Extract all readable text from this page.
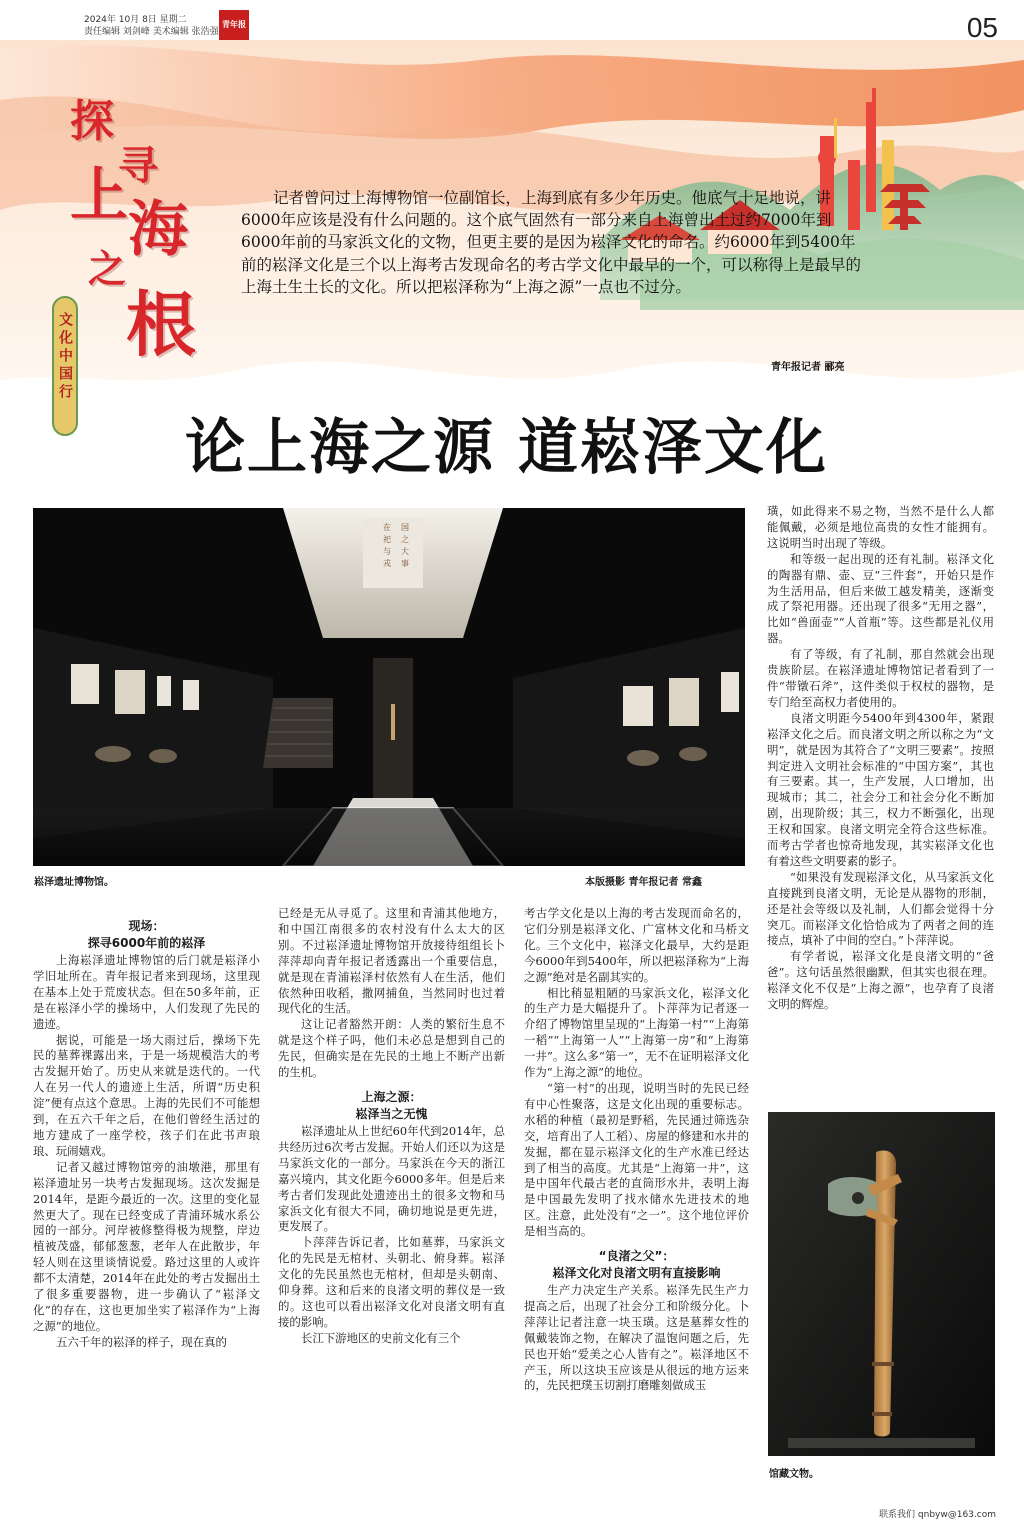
2024年 10月 8日 星期二
责任编辑 刘剑峰 美术编辑 张浩强
青年报	05
探
寻
上 海
之
根
文化中国行

记者曾问过上海博物馆一位副馆长，上海到底有多少年历史。他底气十足地说，讲6000年应该是没有什么问题的。这个底气固然有一部分来自上海曾出土过约7000年到6000年前的马家浜文化的文物，但更主要的是因为崧泽文化的命名。约6000年到5400年前的崧泽文化是三个以上海考古发现命名的考古学文化中最早的一个，可以称得上是最早的上海土生土长的文化。所以把崧泽称为“上海之源”一点也不过分。

青年报记者 郦亮
论上海之源 道崧泽文化
国之大事在祀与戎
崧泽遗址博物馆。	本版摄影 青年报记者 常鑫
现场：
探寻6000年前的崧泽

上海崧泽遗址博物馆的后门就是崧泽小学旧址所在。青年报记者来到现场，这里现在基本上处于荒废状态。但在50多年前，正是在崧泽小学的操场中，人们发现了先民的遗迹。

据说，可能是一场大雨过后，操场下先民的墓葬裸露出来，于是一场规模浩大的考古发掘开始了。历史从来就是迭代的。一代人在另一代人的遗迹上生活，所谓“历史积淀”便有点这个意思。上海的先民们不可能想到，在五六千年之后，在他们曾经生活过的地方建成了一座学校，孩子们在此书声琅琅、玩闹嬉戏。

记者又越过博物馆旁的油墩港，那里有崧泽遗址另一块考古发掘现场。这次发掘是2014年，是距今最近的一次。这里的变化显然更大了。现在已经变成了青浦环城水系公园的一部分。河岸被修整得极为规整，岸边植被茂盛，郁郁葱葱，老年人在此散步，年轻人则在这里谈情说爱。路过这里的人或许都不太清楚，2014年在此处的考古发掘出土了很多重要器物，进一步确认了“崧泽文化”的存在，这也更加坐实了崧泽作为“上海之源”的地位。

五六千年的崧泽的样子，现在真的

已经是无从寻觅了。这里和青浦其他地方，和中国江南很多的农村没有什么太大的区别。不过崧泽遗址博物馆开放接待组组长卜萍萍却向青年报记者透露出一个重要信息，就是现在青浦崧泽村依然有人在生活，他们依然种田收稻，撒网捕鱼，当然同时也过着现代化的生活。

这让记者豁然开朗：人类的繁衍生息不就是这个样子吗，他们未必总是想到自己的先民，但确实是在先民的土地上不断产出新的生机。

上海之源：
崧泽当之无愧

崧泽遗址从上世纪60年代到2014年，总共经历过6次考古发掘。开始人们还以为这是马家浜文化的一部分。马家浜在今天的浙江嘉兴境内，其文化距今6000多年。但是后来考古者们发现此处遗迹出土的很多文物和马家浜文化有很大不同，确切地说是更先进，更发展了。

卜萍萍告诉记者，比如墓葬，马家浜文化的先民是无棺材、头朝北、俯身葬。崧泽文化的先民虽然也无棺材，但却是头朝南、仰身葬。这和后来的良渚文明的葬仪是一致的。这也可以看出崧泽文化对良渚文明有直接的影响。

长江下游地区的史前文化有三个

考古学文化是以上海的考古发现而命名的，它们分别是崧泽文化、广富林文化和马桥文化。三个文化中，崧泽文化最早，大约是距今6000年到5400年，所以把崧泽称为“上海之源”绝对是名副其实的。

相比稍显粗陋的马家浜文化，崧泽文化的生产力是大幅提升了。卜萍萍为记者逐一介绍了博物馆里呈现的“上海第一村”“上海第一稻”“上海第一人”“上海第一房”和“上海第一井”。这么多“第一”，无不在证明崧泽文化作为“上海之源”的地位。

“第一村”的出现，说明当时的先民已经有中心性聚落，这是文化出现的重要标志。水稻的种植（最初是野稻，先民通过筛选杂交，培育出了人工稻）、房屋的修建和水井的发掘，都在显示崧泽文化的生产水准已经达到了相当的高度。尤其是“上海第一井”，这是中国年代最古老的直筒形水井，表明上海是中国最先发明了找水储水先进技术的地区。注意，此处没有“之一”。这个地位评价是相当高的。

“良渚之父”：
崧泽文化对良渚文明有直接影响

生产力决定生产关系。崧泽先民生产力提高之后，出现了社会分工和阶级分化。卜萍萍让记者注意一块玉璜。这是墓葬女性的佩戴装饰之物，在解决了温饱问题之后，先民也开始“爱美之心人皆有之”。崧泽地区不产玉，所以这块玉应该是从很远的地方运来的，先民把璞玉切割打磨雕刻做成玉

璜，如此得来不易之物，当然不是什么人都能佩戴，必须是地位高贵的女性才能拥有。这说明当时出现了等级。

和等级一起出现的还有礼制。崧泽文化的陶器有鼎、壶、豆“三件套”，开始只是作为生活用品，但后来做工越发精美，逐渐变成了祭祀用器。还出现了很多“无用之器”，比如“兽面壶”“人首瓶”等。这些都是礼仪用器。

有了等级，有了礼制，那自然就会出现贵族阶层。在崧泽遗址博物馆记者看到了一件“带镦石斧”，这件类似于权杖的器物，是专门给至高权力者使用的。

良渚文明距今5400年到4300年，紧跟崧泽文化之后。而良渚文明之所以称之为“文明”，就是因为其符合了“文明三要素”。按照判定进入文明社会标准的“中国方案”，其也有三要素。其一，生产发展，人口增加，出现城市；其二，社会分工和社会分化不断加剧，出现阶级；其三，权力不断强化，出现王权和国家。良渚文明完全符合这些标准。而考古学者也惊奇地发现，其实崧泽文化也有着这些文明要素的影子。

“如果没有发现崧泽文化，从马家浜文化直接跳到良渚文明，无论是从器物的形制，还是社会等级以及礼制，人们都会觉得十分突兀。而崧泽文化恰恰成为了两者之间的连接点，填补了中间的空白。”卜萍萍说。

有学者说，崧泽文化是良渚文明的“爸爸”。这句话虽然很幽默，但其实也很在理。崧泽文化不仅是“上海之源”，也孕育了良渚文明的辉煌。

馆藏文物。
联系我们 qnbyw@163.com
